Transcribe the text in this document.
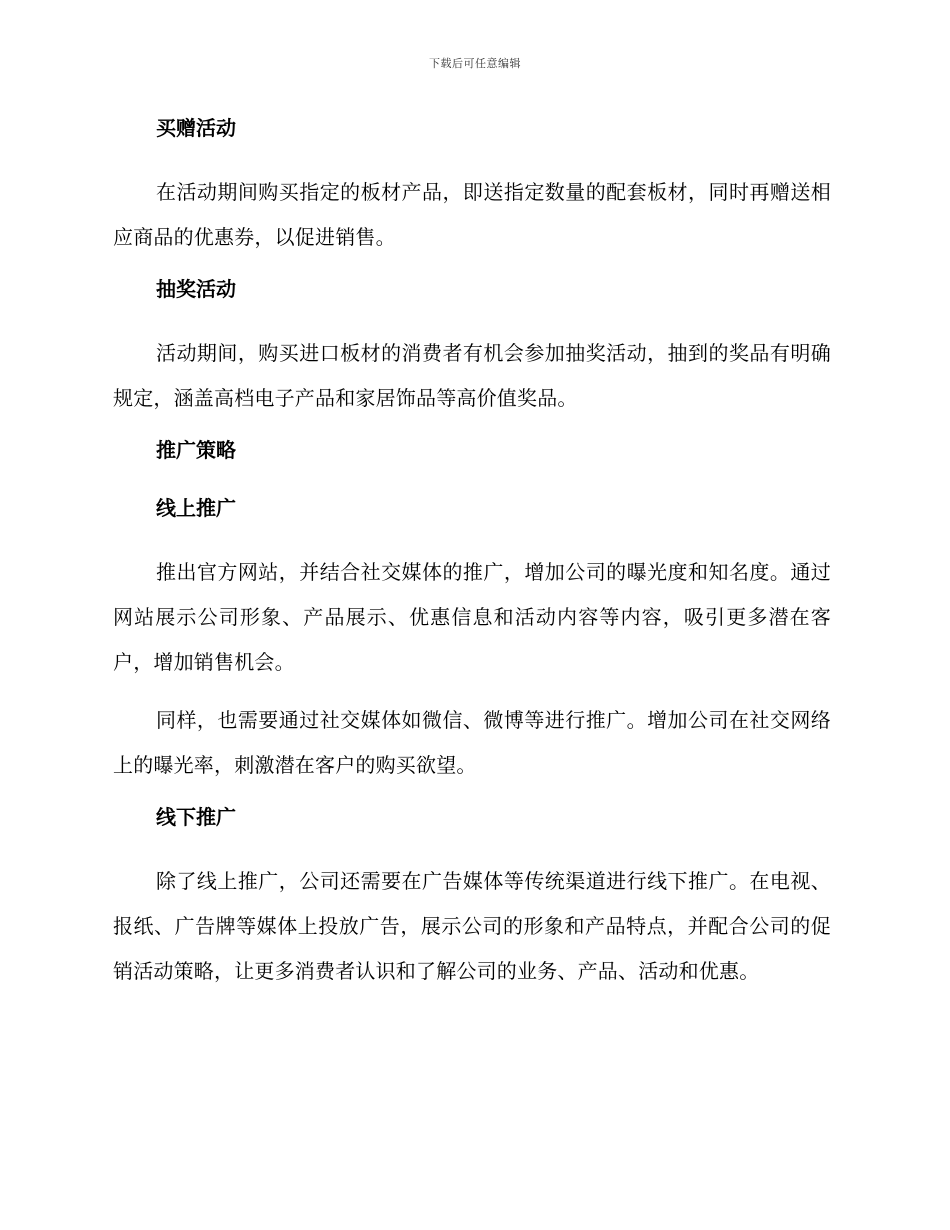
下载后可任意编辑
买赠活动

在活动期间购买指定的板材产品，即送指定数量的配套板材，同时再赠送相应商品的优惠券，以促进销售。

抽奖活动

活动期间，购买进口板材的消费者有机会参加抽奖活动，抽到的奖品有明确规定，涵盖高档电子产品和家居饰品等高价值奖品。

推广策略
线上推广

推出官方网站，并结合社交媒体的推广，增加公司的曝光度和知名度。通过网站展示公司形象、产品展示、优惠信息和活动内容等内容，吸引更多潜在客户，增加销售机会。

同样，也需要通过社交媒体如微信、微博等进行推广。增加公司在社交网络上的曝光率，刺激潜在客户的购买欲望。

线下推广

除了线上推广，公司还需要在广告媒体等传统渠道进行线下推广。在电视、报纸、广告牌等媒体上投放广告，展示公司的形象和产品特点，并配合公司的促销活动策略，让更多消费者认识和了解公司的业务、产品、活动和优惠。
